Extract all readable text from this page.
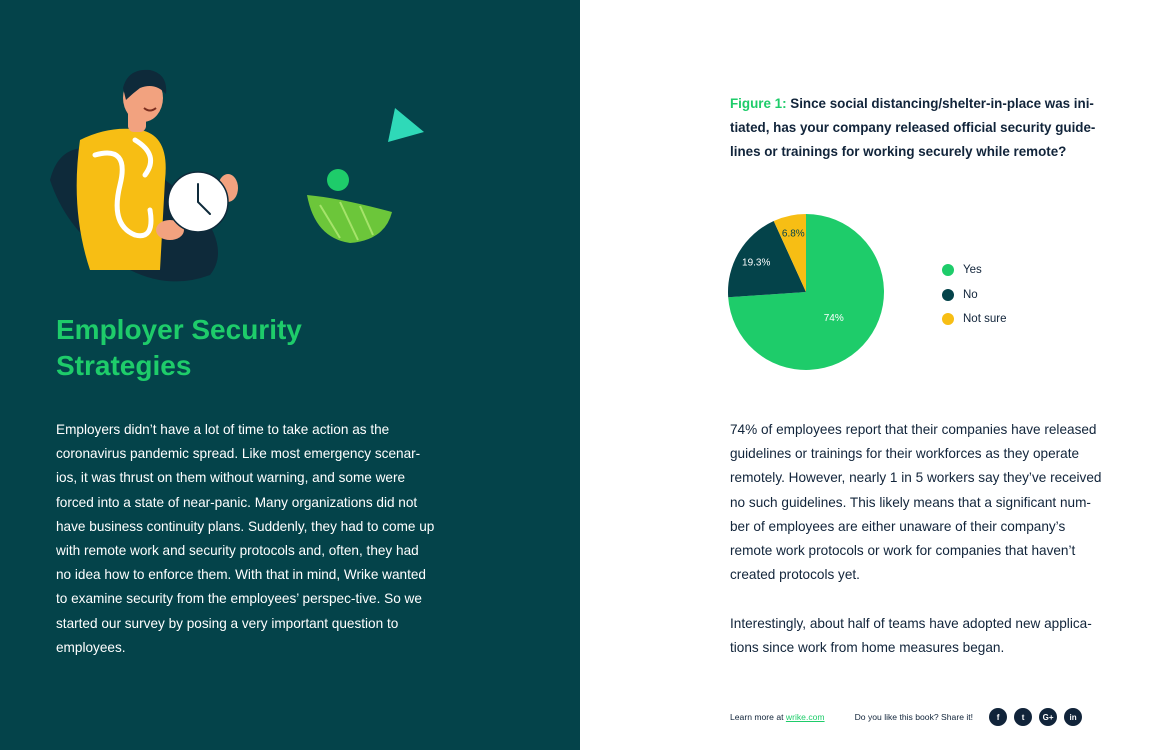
Employer Security Strategies

Employers didn’t have a lot of time to take action as the coronavirus pandemic spread. Like most emergency scenar-ios, it was thrust on them without warning, and some were forced into a state of near-panic. Many organizations did not have business continuity plans. Suddenly, they had to come up with remote work and security protocols and, often, they had no idea how to enforce them. With that in mind, Wrike wanted to examine security from the employees’ perspec-tive. So we started our survey by posing a very important question to employees.

Figure 1: Since social distancing/shelter-in-place was ini-tiated, has your company released official security guide-lines or trainings for working securely while remote?

74%
19.3%
6.8%
Yes
No
Not sure

74% of employees report that their companies have released guidelines or trainings for their workforces as they operate remotely. However, nearly 1 in 5 workers say they’ve received no such guidelines. This likely means that a significant num-ber of employees are either unaware of their company’s remote work protocols or work for companies that haven’t created protocols yet.

Interestingly, about half of teams have adopted new applica-tions since work from home measures began.

Learn more at wrike.com	Do you like this book? Share it!	f	t	G+	in
